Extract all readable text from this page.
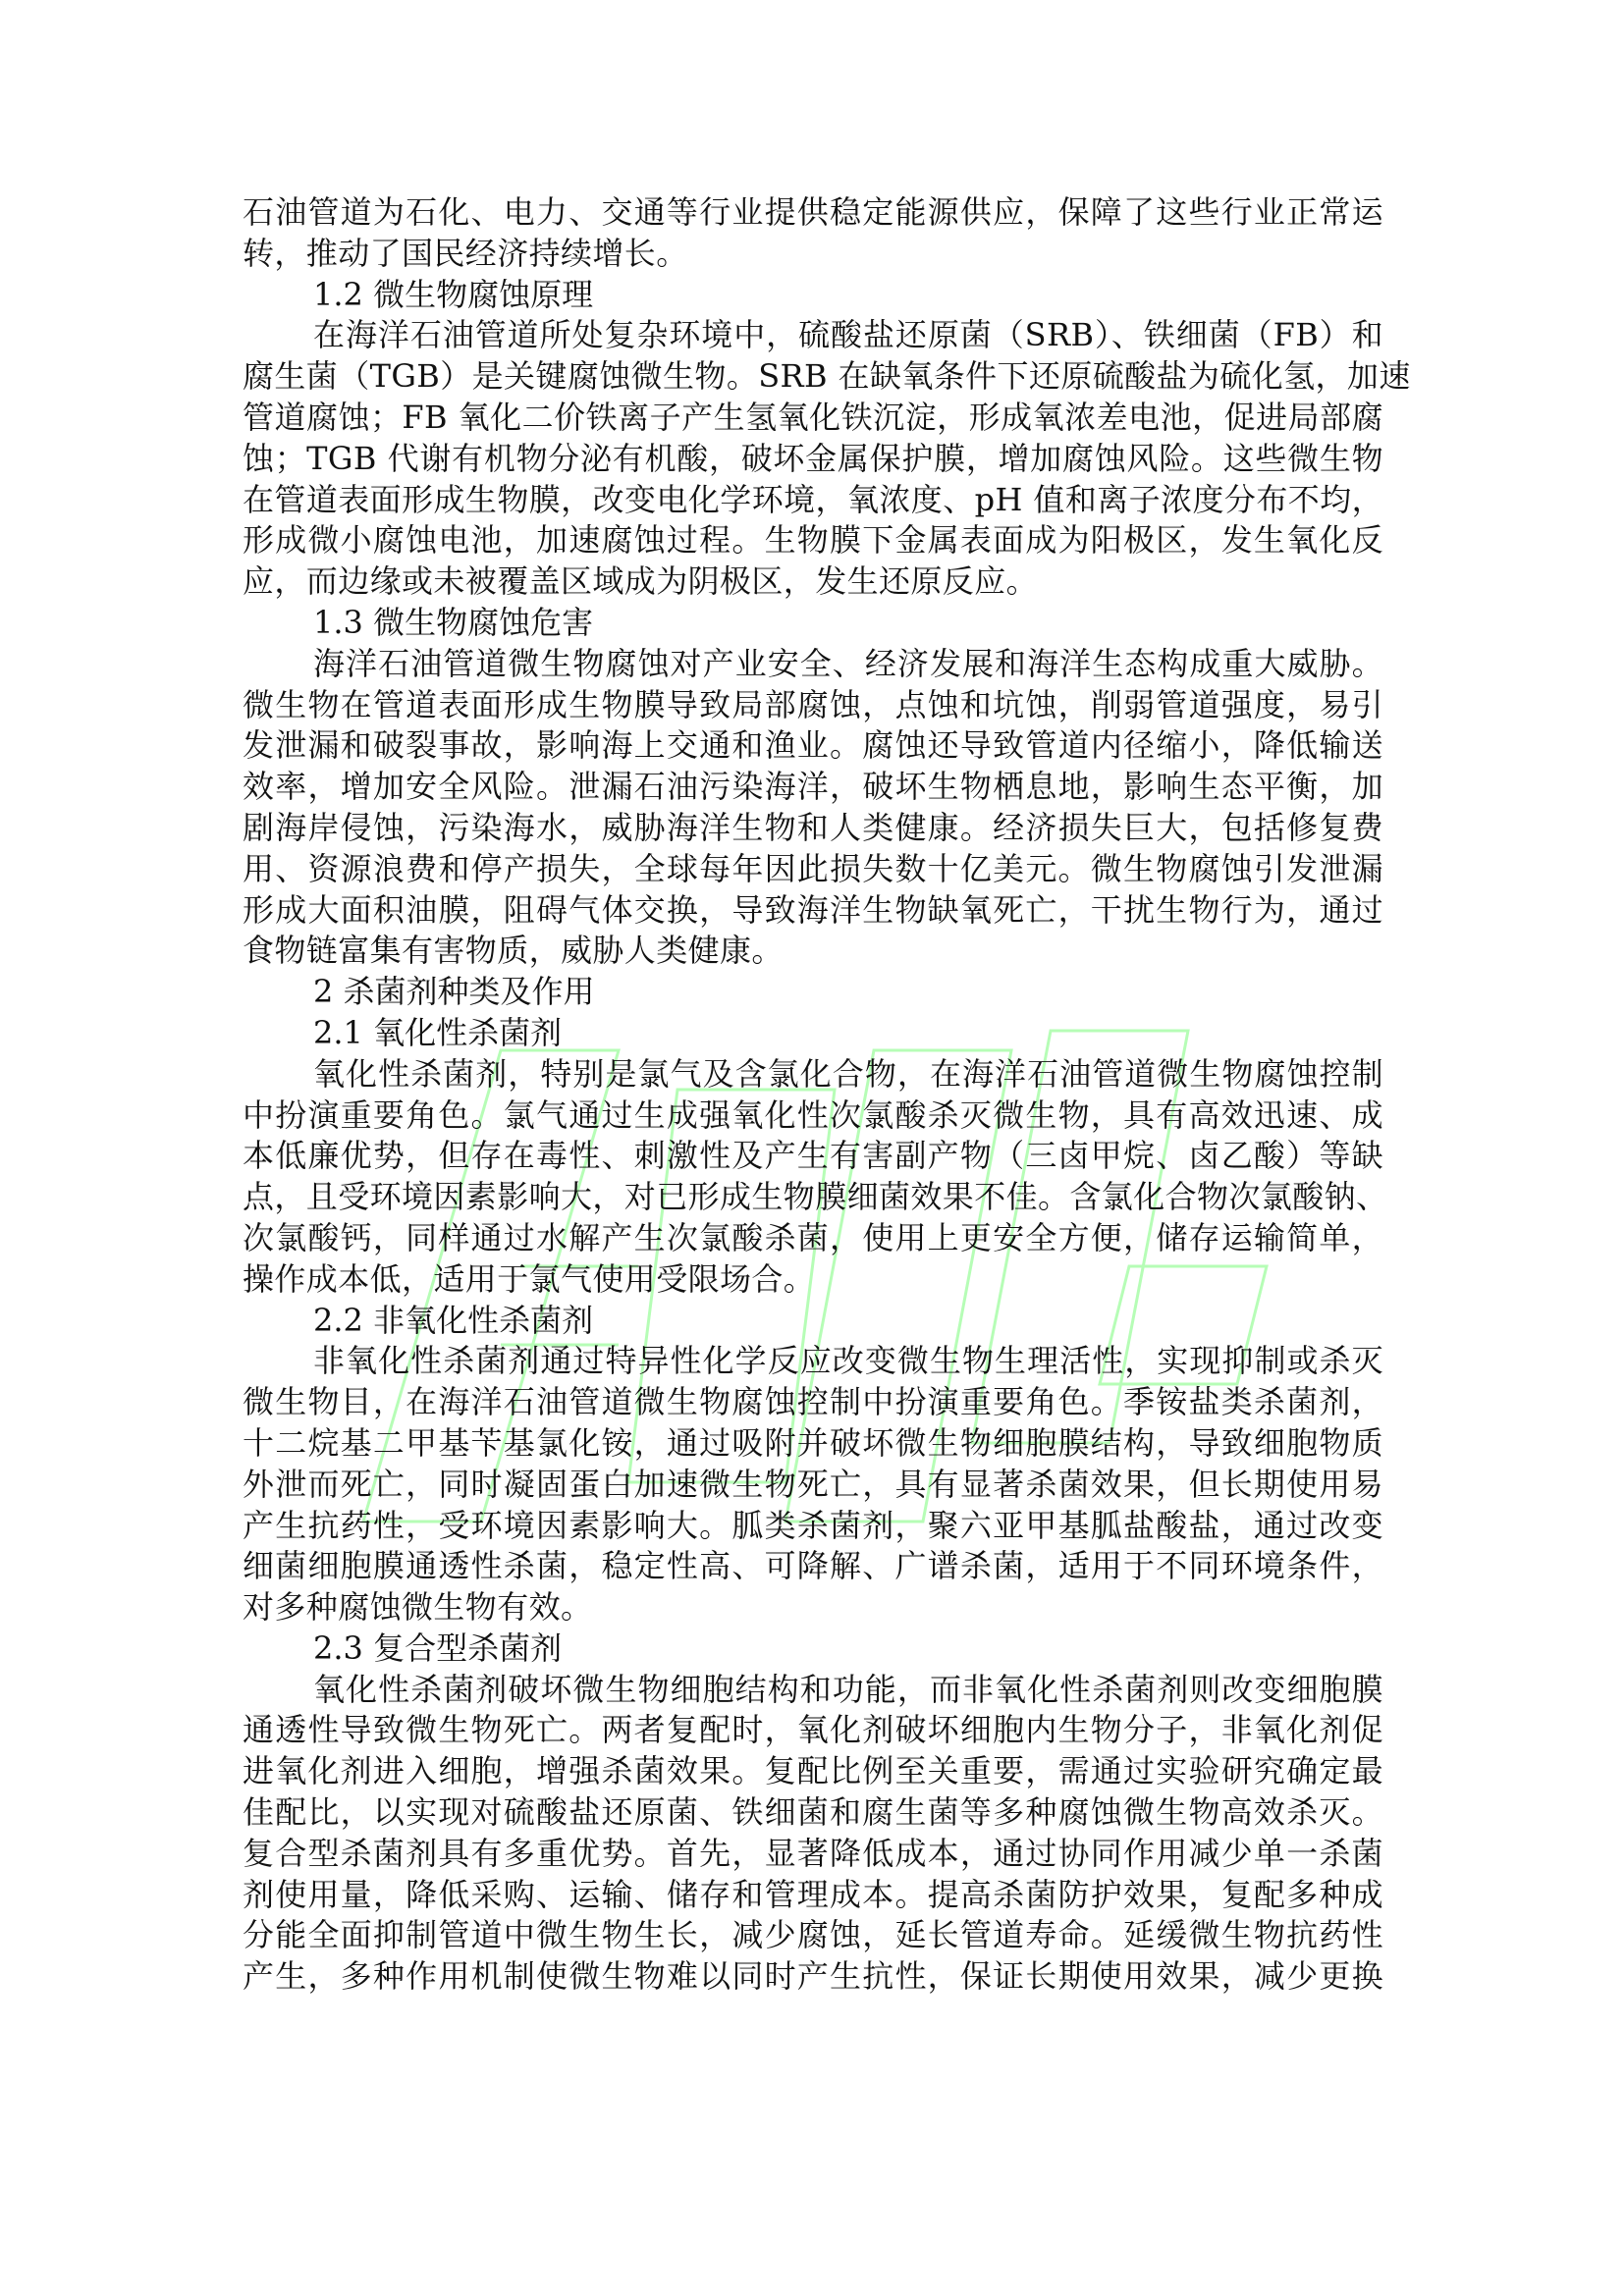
石油管道为石化、电力、交通等行业提供稳定能源供应，保障了这些行业正常运
转，推动了国民经济持续增长。
1.2 微生物腐蚀原理
在海洋石油管道所处复杂环境中，硫酸盐还原菌（SRB）、铁细菌（FB）和
腐生菌（TGB）是关键腐蚀微生物。SRB 在缺氧条件下还原硫酸盐为硫化氢，加速
管道腐蚀；FB 氧化二价铁离子产生氢氧化铁沉淀，形成氧浓差电池，促进局部腐
蚀；TGB 代谢有机物分泌有机酸，破坏金属保护膜，增加腐蚀风险。这些微生物
在管道表面形成生物膜，改变电化学环境，氧浓度、pH 值和离子浓度分布不均，
形成微小腐蚀电池，加速腐蚀过程。生物膜下金属表面成为阳极区，发生氧化反
应，而边缘或未被覆盖区域成为阴极区，发生还原反应。
1.3 微生物腐蚀危害
海洋石油管道微生物腐蚀对产业安全、经济发展和海洋生态构成重大威胁。
微生物在管道表面形成生物膜导致局部腐蚀，点蚀和坑蚀，削弱管道强度，易引
发泄漏和破裂事故，影响海上交通和渔业。腐蚀还导致管道内径缩小，降低输送
效率，增加安全风险。泄漏石油污染海洋，破坏生物栖息地，影响生态平衡，加
剧海岸侵蚀，污染海水，威胁海洋生物和人类健康。经济损失巨大，包括修复费
用、资源浪费和停产损失，全球每年因此损失数十亿美元。微生物腐蚀引发泄漏
形成大面积油膜，阻碍气体交换，导致海洋生物缺氧死亡，干扰生物行为，通过
食物链富集有害物质，威胁人类健康。
2 杀菌剂种类及作用
2.1 氧化性杀菌剂
氧化性杀菌剂，特别是氯气及含氯化合物，在海洋石油管道微生物腐蚀控制
中扮演重要角色。氯气通过生成强氧化性次氯酸杀灭微生物，具有高效迅速、成
本低廉优势，但存在毒性、刺激性及产生有害副产物（三卤甲烷、卤乙酸）等缺
点，且受环境因素影响大，对已形成生物膜细菌效果不佳。含氯化合物次氯酸钠、
次氯酸钙，同样通过水解产生次氯酸杀菌，使用上更安全方便，储存运输简单，
操作成本低，适用于氯气使用受限场合。
2.2 非氧化性杀菌剂
非氧化性杀菌剂通过特异性化学反应改变微生物生理活性，实现抑制或杀灭
微生物目，在海洋石油管道微生物腐蚀控制中扮演重要角色。季铵盐类杀菌剂，
十二烷基二甲基苄基氯化铵，通过吸附并破坏微生物细胞膜结构，导致细胞物质
外泄而死亡，同时凝固蛋白加速微生物死亡，具有显著杀菌效果，但长期使用易
产生抗药性，受环境因素影响大。胍类杀菌剂，聚六亚甲基胍盐酸盐，通过改变
细菌细胞膜通透性杀菌，稳定性高、可降解、广谱杀菌，适用于不同环境条件，
对多种腐蚀微生物有效。
2.3 复合型杀菌剂
氧化性杀菌剂破坏微生物细胞结构和功能，而非氧化性杀菌剂则改变细胞膜
通透性导致微生物死亡。两者复配时，氧化剂破坏细胞内生物分子，非氧化剂促
进氧化剂进入细胞，增强杀菌效果。复配比例至关重要，需通过实验研究确定最
佳配比，以实现对硫酸盐还原菌、铁细菌和腐生菌等多种腐蚀微生物高效杀灭。
复合型杀菌剂具有多重优势。首先，显著降低成本，通过协同作用减少单一杀菌
剂使用量，降低采购、运输、储存和管理成本。提高杀菌防护效果，复配多种成
分能全面抑制管道中微生物生长，减少腐蚀，延长管道寿命。延缓微生物抗药性
产生，多种作用机制使微生物难以同时产生抗性，保证长期使用效果，减少更换
